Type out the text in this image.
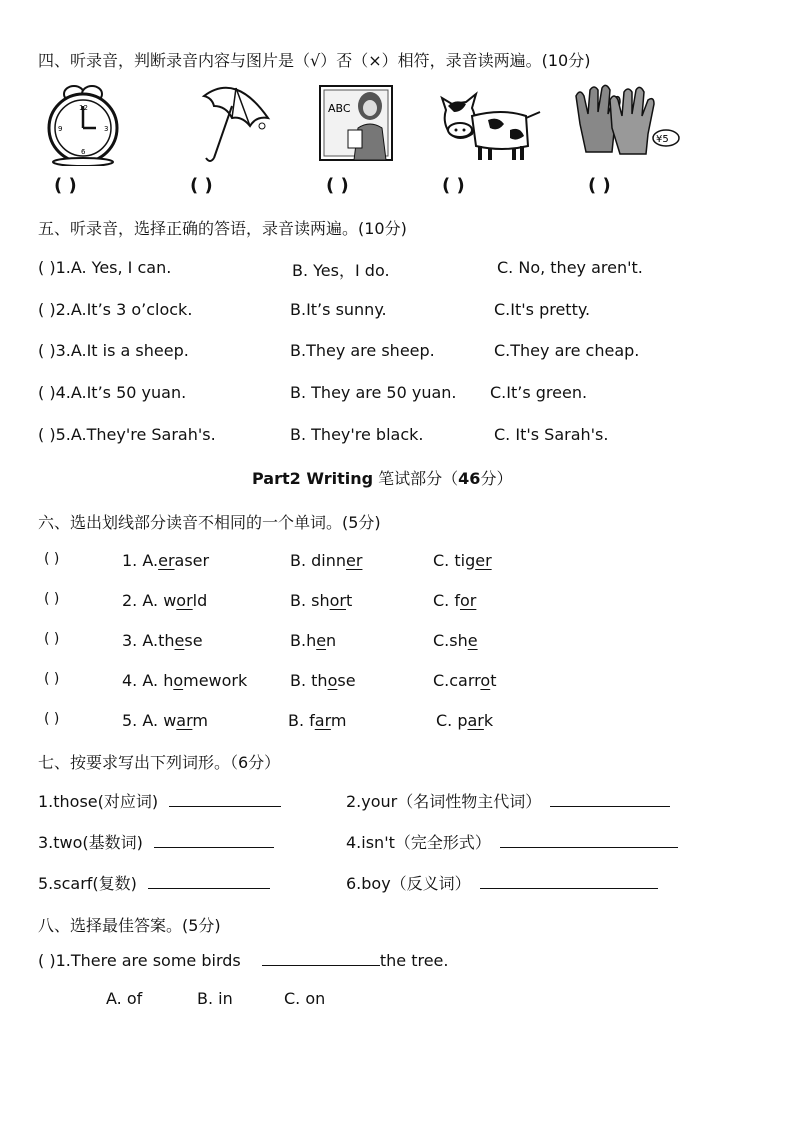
四、听录音，判断录音内容与图片是（√）否（×）相符，录音读两遍。(10分)
12
3
6
9
ABC
¥5
( )	( )	( )	( )	( )
五、听录音，选择正确的答语，录音读两遍。(10分)
( )1.A. Yes, I can.	B. Yes，I do.	C. No, they aren't.
( )2.A.It’s 3 o’clock.	B.It’s sunny.	C.It's pretty.
( )3.A.It is a sheep.	B.They are sheep.	C.They are cheap.
( )4.A.It’s 50 yuan.	B. They are 50 yuan. C.It’s green.
( )5.A.They're Sarah's.	B. They're black.	C. It's Sarah's.
Part2 Writing 笔试部分（46分）
六、选出划线部分读音不相同的一个单词。(5分)
( )	1. A.eraser	B. dinner	C. tiger
( )	2. A. world	B. short	C. for
( )	3. A.these	B.hen	C.she
( )	4. A. homework	B. those	C.carrot
( )	5. A. warm	B. farm	C. park
七、按要求写出下列词形。（6分）
1.those(对应词)	2.your（名词性物主代词）
3.two(基数词)	4.isn't（完全形式）
5.scarf(复数)	6.boy（反义词）
八、选择最佳答案。(5分)
( )1.There are some birds	the tree.
A. of	B. in	C. on
